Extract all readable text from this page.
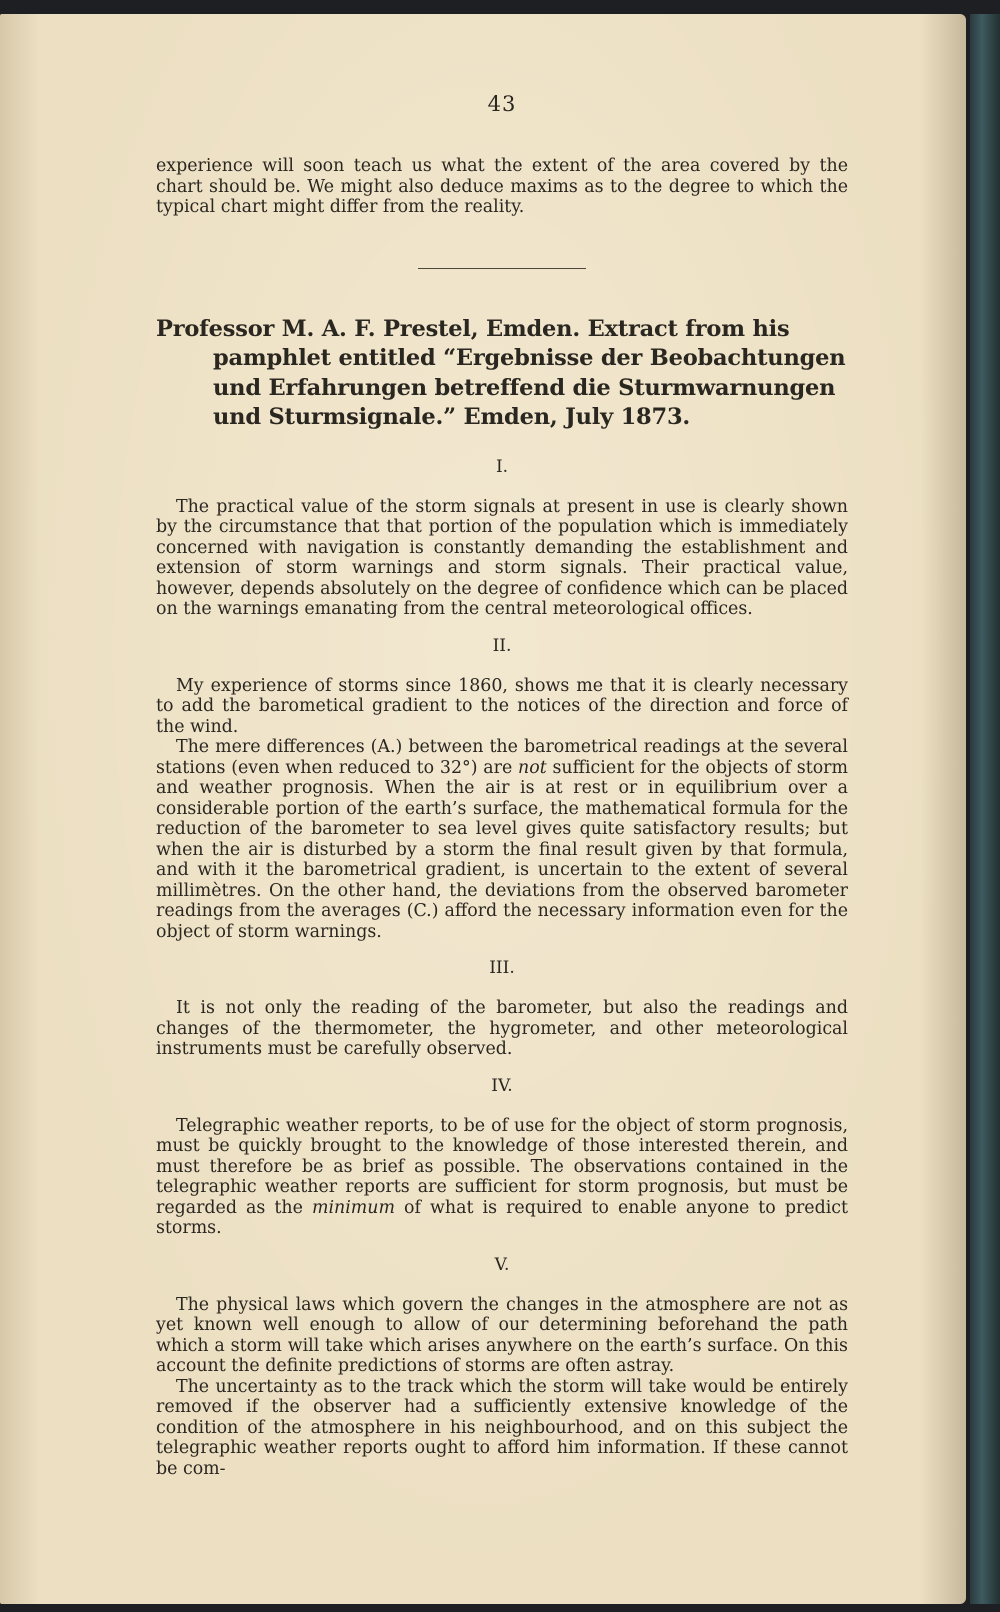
43

experience will soon teach us what the extent of the area covered by the chart should be. We might also deduce maxims as to the degree to which the typical chart might differ from the reality.

Professor M. A. F. Prestel, Emden. Extract from his pamphlet entitled “Ergebnisse der Beobachtungen und Erfahrungen betreffend die Sturmwarnungen und Sturmsignale.” Emden, July 1873.
I.

The practical value of the storm signals at present in use is clearly shown by the circumstance that that portion of the population which is immediately concerned with navigation is constantly demanding the establishment and extension of storm warnings and storm signals. Their practical value, however, depends absolutely on the degree of confidence which can be placed on the warnings emanating from the central meteorological offices.

II.

My experience of storms since 1860, shows me that it is clearly necessary to add the barometical gradient to the notices of the direction and force of the wind.

The mere differences (A.) between the barometrical readings at the several stations (even when reduced to 32°) are not sufficient for the objects of storm and weather prognosis. When the air is at rest or in equilibrium over a considerable portion of the earth’s surface, the mathematical formula for the reduction of the barometer to sea level gives quite satisfactory results; but when the air is disturbed by a storm the final result given by that formula, and with it the barometrical gradient, is uncertain to the extent of several millimètres. On the other hand, the deviations from the observed barometer readings from the averages (C.) afford the necessary information even for the object of storm warnings.

III.

It is not only the reading of the barometer, but also the readings and changes of the thermometer, the hygrometer, and other meteorological instruments must be carefully observed.

IV.

Telegraphic weather reports, to be of use for the object of storm prognosis, must be quickly brought to the knowledge of those interested therein, and must therefore be as brief as possible. The observations contained in the telegraphic weather reports are sufficient for storm prognosis, but must be regarded as the minimum of what is required to enable anyone to predict storms.

V.

The physical laws which govern the changes in the atmosphere are not as yet known well enough to allow of our determining beforehand the path which a storm will take which arises anywhere on the earth’s surface. On this account the definite predictions of storms are often astray.

The uncertainty as to the track which the storm will take would be entirely removed if the observer had a sufficiently extensive knowledge of the condition of the atmosphere in his neighbourhood, and on this subject the telegraphic weather reports ought to afford him information. If these cannot be com-
